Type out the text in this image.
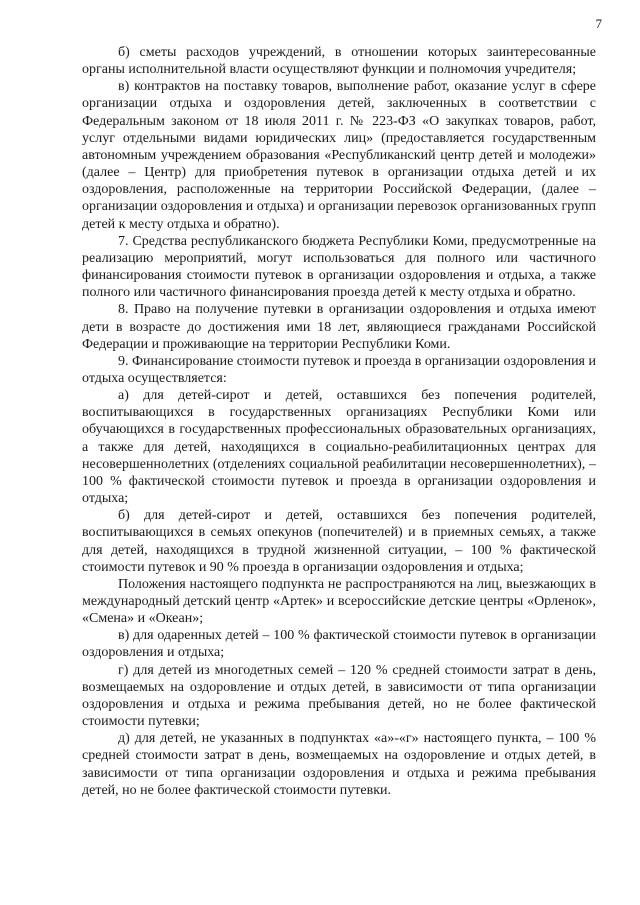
7

б) сметы расходов учреждений, в отношении которых заинтересованные органы исполнительной власти осуществляют функции и полномочия учредителя;

в) контрактов на поставку товаров, выполнение работ, оказание услуг в сфере организации отдыха и оздоровления детей, заключенных в соответствии с Федеральным законом от 18 июля 2011 г. № 223-ФЗ «О закупках товаров, работ, услуг отдельными видами юридических лиц» (предоставляется государственным автономным учреждением образования «Республиканский центр детей и молодежи» (далее – Центр) для приобретения путевок в организации отдыха детей и их оздоровления, расположенные на территории Российской Федерации, (далее – организации оздоровления и отдыха) и организации перевозок организованных групп детей к месту отдыха и обратно).

7. Средства республиканского бюджета Республики Коми, предусмотренные на реализацию мероприятий, могут использоваться для полного или частичного финансирования стоимости путевок в организации оздоровления и отдыха, а также полного или частичного финансирования проезда детей к месту отдыха и обратно.

8. Право на получение путевки в организации оздоровления и отдыха имеют дети в возрасте до достижения ими 18 лет, являющиеся гражданами Российской Федерации и проживающие на территории Республики Коми.

9. Финансирование стоимости путевок и проезда в организации оздоровления и отдыха осуществляется:

а) для детей-сирот и детей, оставшихся без попечения родителей, воспитывающихся в государственных организациях Республики Коми или обучающихся в государственных профессиональных образовательных организациях, а также для детей, находящихся в социально-реабилитационных центрах для несовершеннолетних (отделениях социальной реабилитации несовершеннолетних), – 100 % фактической стоимости путевок и проезда в организации оздоровления и отдыха;

б) для детей-сирот и детей, оставшихся без попечения родителей, воспитывающихся в семьях опекунов (попечителей) и в приемных семьях, а также для детей, находящихся в трудной жизненной ситуации, – 100 % фактической стоимости путевок и 90 % проезда в организации оздоровления и отдыха;

Положения настоящего подпункта не распространяются на лиц, выезжающих в международный детский центр «Артек» и всероссийские детские центры «Орленок», «Смена» и «Океан»;

в) для одаренных детей – 100 % фактической стоимости путевок в организации оздоровления и отдыха;

г) для детей из многодетных семей – 120 % средней стоимости затрат в день, возмещаемых на оздоровление и отдых детей, в зависимости от типа организации оздоровления и отдыха и режима пребывания детей, но не более фактической стоимости путевки;

д) для детей, не указанных в подпунктах «а»-«г» настоящего пункта, – 100 % средней стоимости затрат в день, возмещаемых на оздоровление и отдых детей, в зависимости от типа организации оздоровления и отдыха и режима пребывания детей, но не более фактической стоимости путевки.
